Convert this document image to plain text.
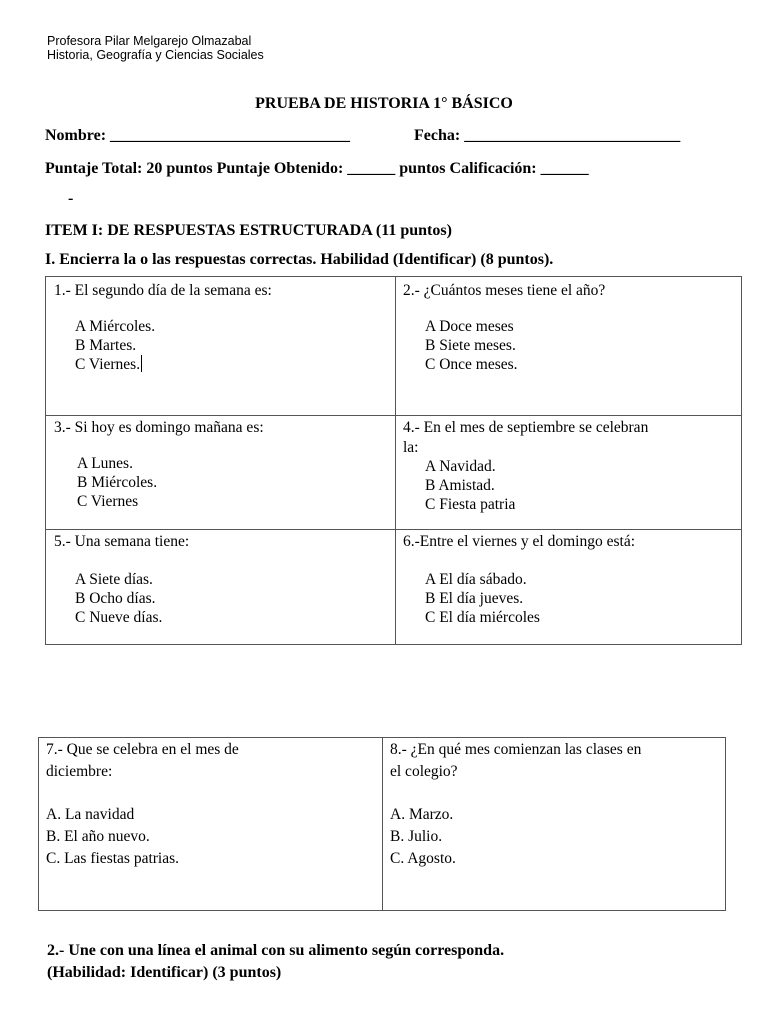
Profesora Pilar Melgarejo Olmazabal
Historia, Geografía y Ciencias Sociales
PRUEBA DE HISTORIA 1° BÁSICO
Nombre: ______________________________	Fecha: ___________________________
Puntaje Total: 20 puntos Puntaje Obtenido: ______ puntos Calificación: ______
-
ITEM I: DE RESPUESTAS ESTRUCTURADA (11 puntos)
I. Encierra la o las respuestas correctas. Habilidad (Identificar) (8 puntos).
1.- El segundo día de la semana es:
A Miércoles.
B Martes.
C Viernes.
2.- ¿Cuántos meses tiene el año?
A Doce meses
B Siete meses.
C Once meses.
3.- Si hoy es domingo mañana es:
A Lunes.
B Miércoles.
C Viernes
4.- En el mes de septiembre se celebran
la:
A Navidad.
B Amistad.
C Fiesta patria
5.- Una semana tiene:
A Siete días.
B Ocho días.
C Nueve días.
6.-Entre el viernes y el domingo está:
A El día sábado.
B El día jueves.
C El día miércoles
7.- Que se celebra en el mes de
diciembre:
A. La navidad
B. El año nuevo.
C. Las fiestas patrias.
8.- ¿En qué mes comienzan las clases en
el colegio?
A. Marzo.
B. Julio.
C. Agosto.
2.- Une con una línea el animal con su alimento según corresponda.
(Habilidad: Identificar) (3 puntos)
